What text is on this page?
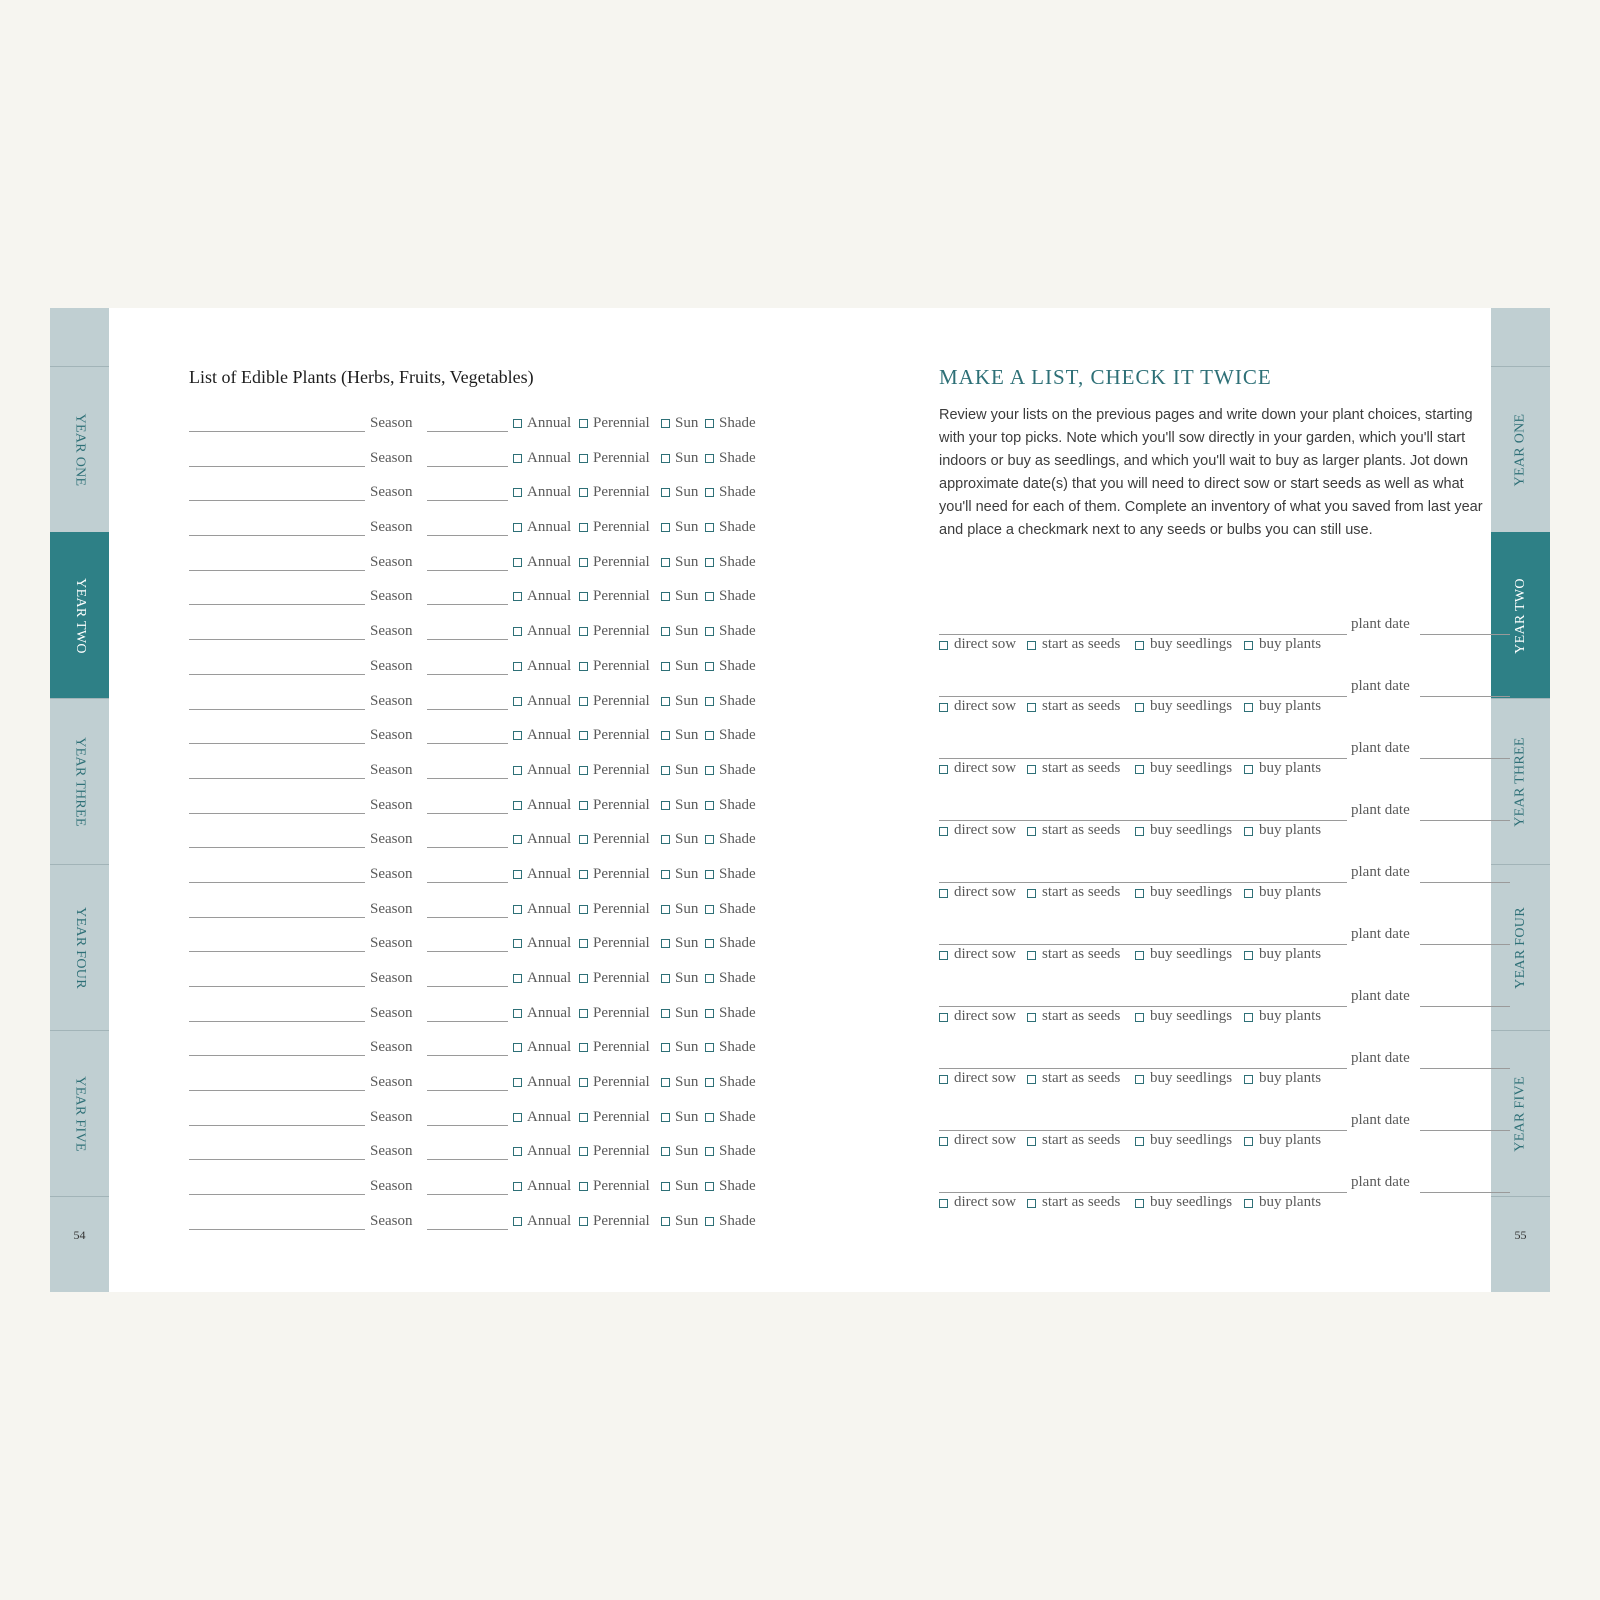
YEAR ONE
YEAR TWO
YEAR THREE
YEAR FOUR
YEAR FIVE
54
YEAR ONE
YEAR TWO
YEAR THREE
YEAR FOUR
YEAR FIVE
55
List of Edible Plants (Herbs, Fruits, Vegetables)
Season	Annual Perennial Sun Shade
Season	Annual Perennial Sun Shade
Season	Annual Perennial Sun Shade
Season	Annual Perennial Sun Shade
Season	Annual Perennial Sun Shade
Season	Annual Perennial Sun Shade
Season	Annual Perennial Sun Shade
Season	Annual Perennial Sun Shade
Season	Annual Perennial Sun Shade
Season	Annual Perennial Sun Shade
Season	Annual Perennial Sun Shade
Season	Annual Perennial Sun Shade
Season	Annual Perennial Sun Shade
Season	Annual Perennial Sun Shade
Season	Annual Perennial Sun Shade
Season	Annual Perennial Sun Shade
Season	Annual Perennial Sun Shade
Season	Annual Perennial Sun Shade
Season	Annual Perennial Sun Shade
Season	Annual Perennial Sun Shade
Season	Annual Perennial Sun Shade
Season	Annual Perennial Sun Shade
Season	Annual Perennial Sun Shade
Season	Annual Perennial Sun Shade
MAKE A LIST, CHECK IT TWICE
Review your lists on the previous pages and write down your plant choices, starting with your top picks. Note which you'll sow directly in your garden, which you'll start indoors or buy as seedlings, and which you'll wait to buy as larger plants. Jot down approximate date(s) that you will need to direct sow or start seeds as well as what you'll need for each of them. Complete an inventory of what you saved from last year and place a checkmark next to any seeds or bulbs you can still use.
plant date
direct sow start as seeds buy seedlings buy plants
plant date
direct sow start as seeds buy seedlings buy plants
plant date
direct sow start as seeds buy seedlings buy plants
plant date
direct sow start as seeds buy seedlings buy plants
plant date
direct sow start as seeds buy seedlings buy plants
plant date
direct sow start as seeds buy seedlings buy plants
plant date
direct sow start as seeds buy seedlings buy plants
plant date
direct sow start as seeds buy seedlings buy plants
plant date
direct sow start as seeds buy seedlings buy plants
plant date
direct sow start as seeds buy seedlings buy plants
